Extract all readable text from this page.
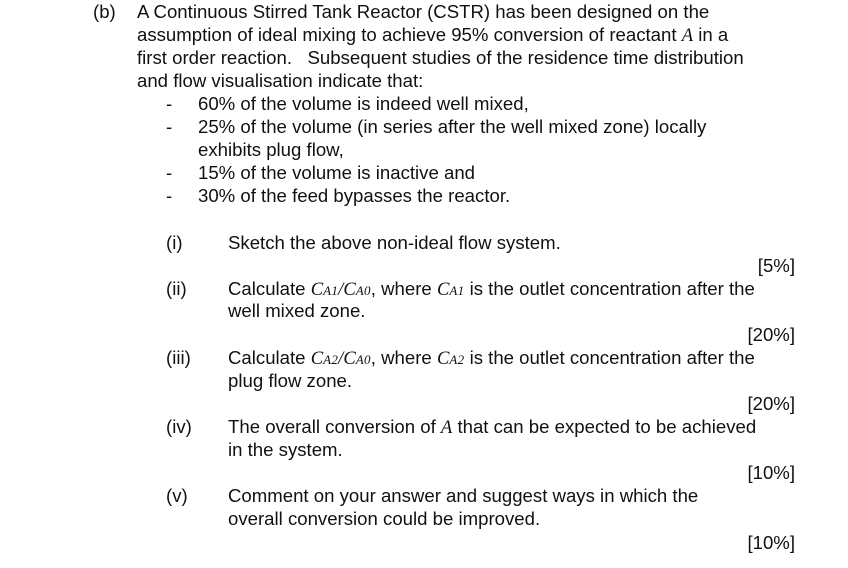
(b) A Continuous Stirred Tank Reactor (CSTR) has been designed on the
assumption of ideal mixing to achieve 95% conversion of reactant A in a
first order reaction.   Subsequent studies of the residence time distribution
and flow visualisation indicate that:
- 60% of the volume is indeed well mixed,
- 25% of the volume (in series after the well mixed zone) locally
exhibits plug flow,
- 15% of the volume is inactive and
- 30% of the feed bypasses the reactor.
(i) Sketch the above non-ideal flow system.
[5%]
(ii) Calculate CA1/CA0, where CA1 is the outlet concentration after the
well mixed zone.
[20%]
(iii) Calculate CA2/CA0, where CA2 is the outlet concentration after the
plug flow zone.
[20%]
(iv) The overall conversion of A that can be expected to be achieved
in the system.
[10%]
(v) Comment on your answer and suggest ways in which the
overall conversion could be improved.
[10%]
